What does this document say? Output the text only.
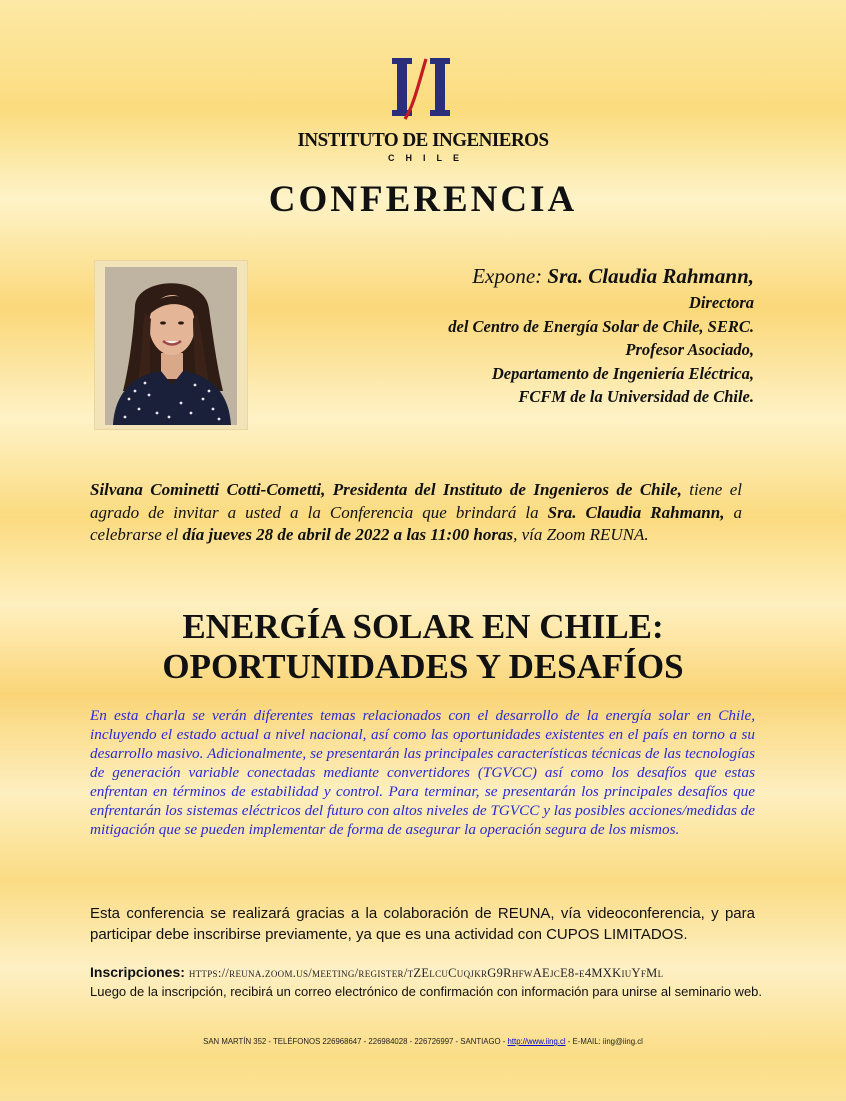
INSTITUTO DE INGENIEROS
CHILE
CONFERENCIA
Expone: Sra. Claudia Rahmann,
Directora
del Centro de Energía Solar de Chile, SERC.
Profesor Asociado,
Departamento de Ingeniería Eléctrica,
FCFM de la Universidad de Chile.
Silvana Cominetti Cotti-Cometti, Presidenta del Instituto de Ingenieros de Chile, tiene el agrado de invitar a usted a la Conferencia que brindará la Sra. Claudia Rahmann, a celebrarse el día jueves 28 de abril de 2022 a las 11:00 horas, vía Zoom REUNA.
ENERGÍA SOLAR EN CHILE:
OPORTUNIDADES Y DESAFÍOS
En esta charla se verán diferentes temas relacionados con el desarrollo de la energía solar en Chile, incluyendo el estado actual a nivel nacional, así como las oportunidades existentes en el país en torno a su desarrollo masivo. Adicionalmente, se presentarán las principales características técnicas de las tecnologías de generación variable conectadas mediante convertidores (TGVCC) así como los desafíos que estas enfrentan en términos de estabilidad y control. Para terminar, se presentarán los principales desafíos que enfrentarán los sistemas eléctricos del futuro con altos niveles de TGVCC y las posibles acciones/medidas de mitigación que se pueden implementar de forma de asegurar la operación segura de los mismos.
Esta conferencia se realizará gracias a la colaboración de REUNA, vía videoconferencia, y para participar debe inscribirse previamente, ya que es una actividad con CUPOS LIMITADOS.
Inscripciones: https://reuna.zoom.us/meeting/register/tZElcuCuqjkrG9RhfwAEjcE8-e4MXKiuYfMl
Luego de la inscripción, recibirá un correo electrónico de confirmación con información para unirse al seminario web.
SAN MARTÍN 352 - TELÉFONOS 226968647 - 226984028 - 226726997 - SANTIAGO - http://www.iing.cl - E-MAIL: iing@iing.cl
